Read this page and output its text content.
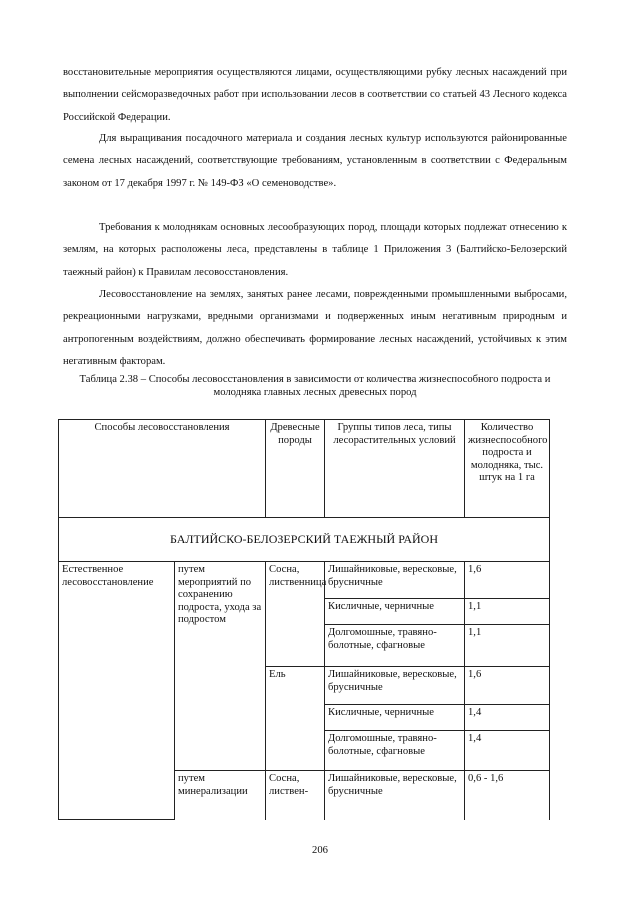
восстановительные мероприятия осуществляются лицами, осуществляющими рубку лесных насаждений при выполнении сейсморазведочных работ при использовании лесов в соответствии со статьей 43 Лесного кодекса Российской Федерации.

Для выращивания посадочного материала и создания лесных культур используются районированные семена лесных насаждений, соответствующие требованиям, установленным в соответствии с Федеральным законом от 17 декабря 1997 г. № 149-ФЗ «О семеноводстве».

Требования к молоднякам основных лесообразующих пород, площади которых подлежат отнесению к землям, на которых расположены леса, представлены в таблице 1 Приложения 3 (Балтийско-Белозерский таежный район) к Правилам лесовосстановления.

Лесовосстановление на землях, занятых ранее лесами, поврежденными промышленными выбросами, рекреационными нагрузками, вредными организмами и подверженных иным негативным природным и антропогенным воздействиям, должно обеспечивать формирование лесных насаждений, устойчивых к этим негативным факторам.

Таблица 2.38 – Способы лесовосстановления в зависимости от количества жизнеспособного подроста и молодняка главных лесных древесных пород

Способы лесовосстановления		Древесные породы	Группы типов леса, типы лесорастительных условий	Количество жизнеспособного подроста и молодняка, тыс. штук на 1 га
БАЛТИЙСКО-БЕЛОЗЕРСКИЙ ТАЕЖНЫЙ РАЙОН				
Естественное лесовосстановление	путем мероприятий по сохранению подроста, ухода за подростом	Сосна, лиственница	Лишайниковые, вересковые, брусничные	1,6
			Кисличные, черничные	1,1
			Долгомошные, травяно-болотные, сфагновые	1,1
		Ель	Лишайниковые, вересковые, брусничные	1,6
			Кисличные, черничные	1,4
			Долгомошные, травяно-болотные, сфагновые	1,4
	путем минерализации	Сосна, листвен-	Лишайниковые, вересковые, брусничные	0,6 - 1,6
206
